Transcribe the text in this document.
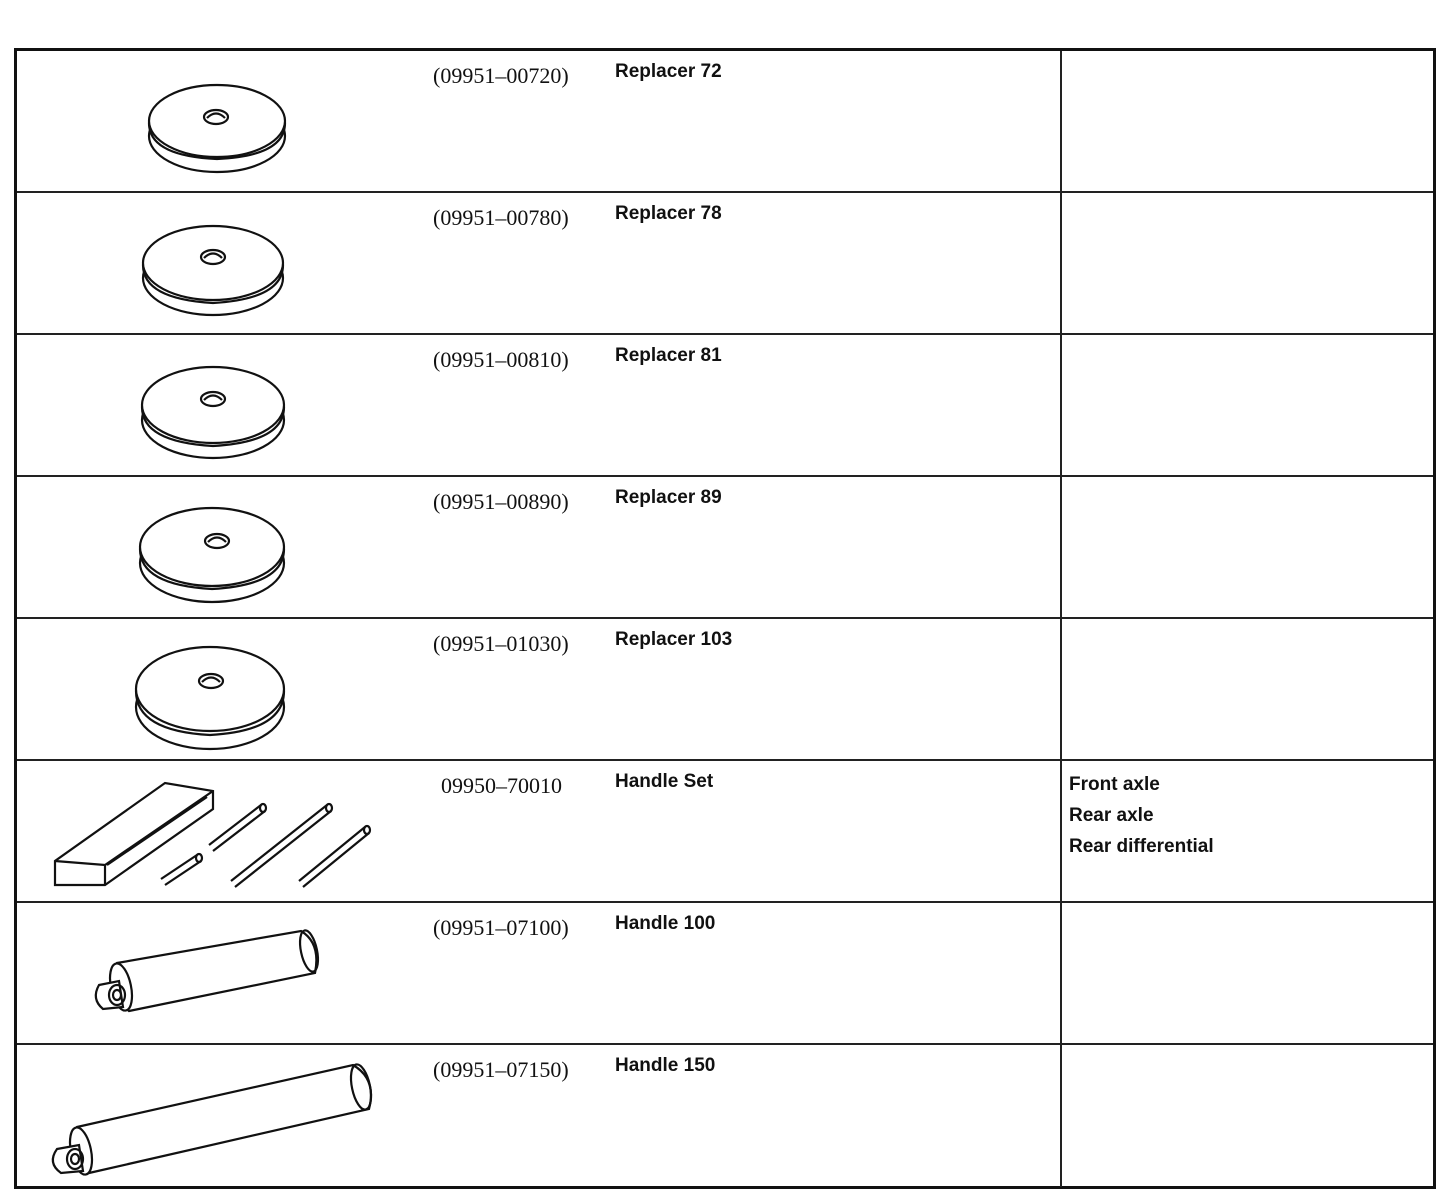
(09951–00720) Replacer 72
(09951–00780) Replacer 78
(09951–00810) Replacer 81
(09951–00890) Replacer 89
(09951–01030) Replacer 103
09950–70010	Handle Set	Front axle
Rear axle
Rear differential
(09951–07100) Handle 100
(09951–07150) Handle 150
